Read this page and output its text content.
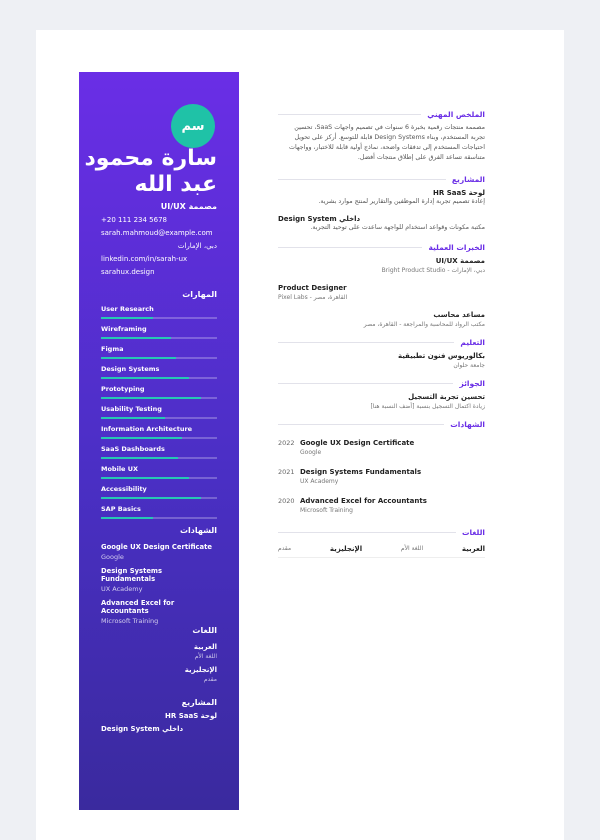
سم
سارة محمود عبد الله
مصممة UI/UX
+20 111 234 5678
sarah.mahmoud@example.com
دبي، الإمارات
linkedin.com/in/sarah-ux
sarahux.design
المهارات
User Research
Wireframing
Figma
Design Systems
Prototyping
Usability Testing
Information Architecture
SaaS Dashboards
Mobile UX
Accessibility
SAP Basics
الشهادات
Google UX Design Certificate
Google
Design Systems Fundamentals
UX Academy
Advanced Excel for Accountants
Microsoft Training
اللغات
العربية
اللغة الأم
الإنجليزية
مقدم
المشاريع
لوحة HR SaaS
Design System داخلي
الملخص المهني
مصممة منتجات رقمية بخبرة 6 سنوات في تصميم واجهات SaaS، تحسين تجربة المستخدم، وبناء Design Systems قابلة للتوسع. أركز على تحويل احتياجات المستخدم إلى تدفقات واضحة، نماذج أولية قابلة للاختبار، وواجهات متناسقة تساعد الفرق على إطلاق منتجات أفضل.
المشاريع
لوحة HR SaaS
إعادة تصميم تجربة إدارة الموظفين والتقارير لمنتج موارد بشرية.
Design System داخلي
مكتبة مكونات وقواعد استخدام للواجهة ساعدت على توحيد التجربة.
الخبرات العملية
مصممة UI/UX
دبي، الإمارات - Bright Product Studio
Product Designer
القاهرة، مصر - Pixel Labs
مساعد محاسب
مكتب الرواد للمحاسبة والمراجعة - القاهرة، مصر
التعليم
بكالوريوس فنون تطبيقية
جامعة حلوان
الجوائز
تحسين تجربة التسجيل
زيادة اكتمال التسجيل بنسبة [أضف النسبة هنا]
الشهادات
2022 Google UX Design Certificate
Google
2021 Design Systems Fundamentals
UX Academy
2020 Advanced Excel for Accountants
Microsoft Training
اللغات
العربية
اللغة الأم
الإنجليزية
مقدم
